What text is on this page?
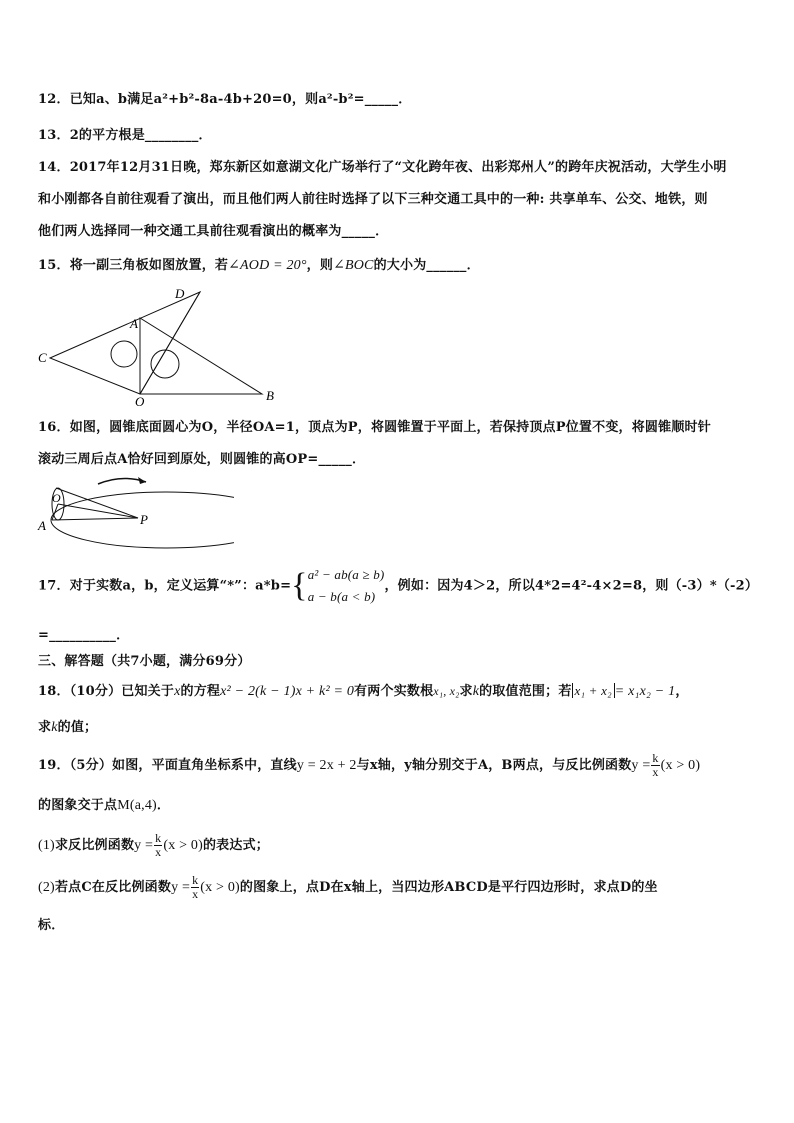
12．已知a、b满足a²+b²-8a-4b+20=0，则a²-b²=_____．
13．2的平方根是________．
14．2017年12月31日晚，郑东新区如意湖文化广场举行了“文化跨年夜、出彩郑州人”的跨年庆祝活动，大学生小明
和小刚都各自前往观看了演出，而且他们两人前往时选择了以下三种交通工具中的一种: 共享单车、公交、地铁，则
他们两人选择同一种交通工具前往观看演出的概率为_____．
15．将一副三角板如图放置，若∠AOD = 20°，则∠BOC的大小为______．
C
A
D
O	B
16．如图，圆锥底面圆心为O，半径OA=1，顶点为P，将圆锥置于平面上，若保持顶点P位置不变，将圆锥顺时针
滚动三周后点A恰好回到原处，则圆锥的高OP=_____．
O
A	P
17．对于实数a，b，定义运算“*”：a*b={ a² − ab(a ≥ b)
a − b(a < b)
，例如：因为4＞2，所以4*2=4²-4×2=8，则（-3）*（-2）
=__________．
三、解答题（共7小题，满分69分）
18．（10分）已知关于x的方程x² − 2(k − 1)x + k² = 0有两个实数根x₁, x₂求k的取值范围；若 x₁ + x₂ = x₁x₂ − 1，
求k的值；
19．（5分）如图，平面直角坐标系中，直线y = 2x + 2与x轴，y轴分别交于A，B两点，与反比例函数$y = \frac{k}{x} (x > 0)$
的图象交于点M(a,4)．
(1)求反比例函数$y = \frac{k}{x} (x > 0)$的表达式；
(2)若点C在反比例函数$y = \frac{k}{x} (x > 0)$的图象上，点D在x轴上，当四边形ABCD是平行四边形时，求点D的坐
标．
